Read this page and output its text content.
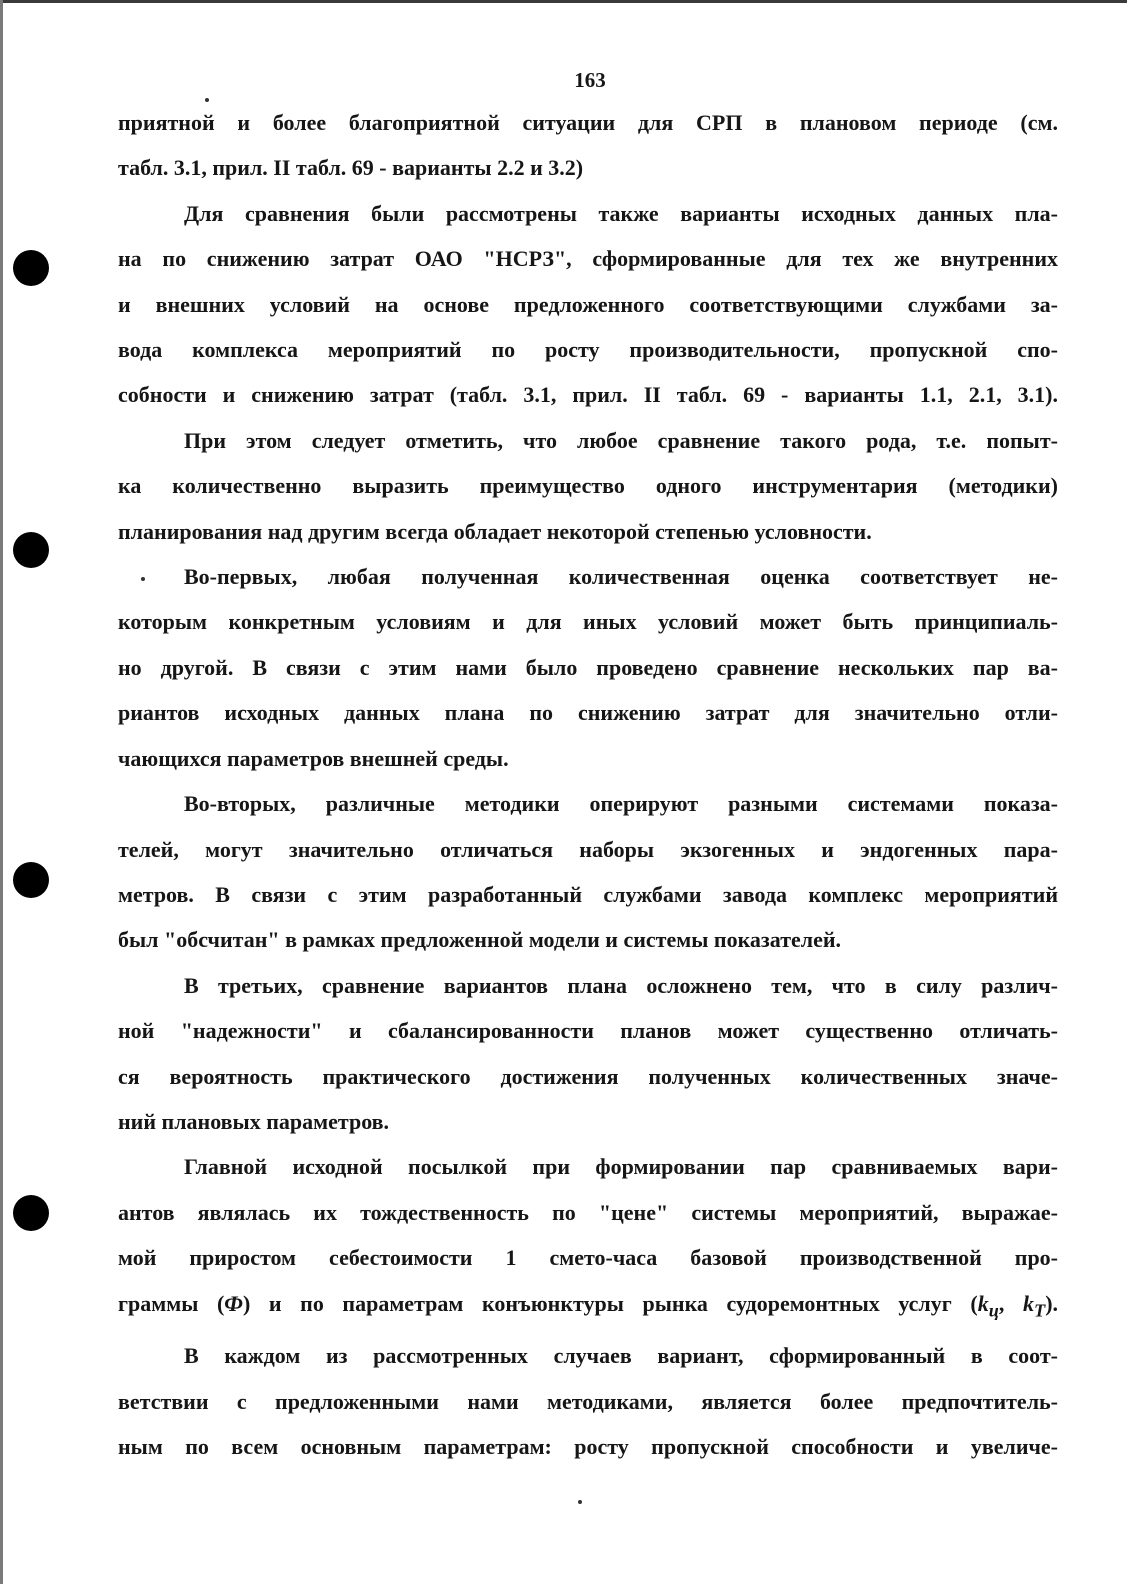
163

приятной и более благоприятной ситуации для СРП в плановом периоде (см.

табл. 3.1, прил. II табл. 69 - варианты 2.2 и 3.2)

Для сравнения были рассмотрены также варианты исходных данных пла-

на по снижению затрат ОАО "НСРЗ", сформированные для тех же внутренних

и внешних условий на основе предложенного соответствующими службами за-

вода комплекса мероприятий по росту производительности, пропускной спо-

собности и снижению затрат (табл. 3.1, прил. II табл. 69 - варианты 1.1, 2.1, 3.1).

При этом следует отметить, что любое сравнение такого рода, т.е. попыт-

ка количественно выразить преимущество одного инструментария (методики)

планирования над другим всегда обладает некоторой степенью условности.

Во-первых, любая полученная количественная оценка соответствует не-

которым конкретным условиям и для иных условий может быть принципиаль-

но другой. В связи с этим нами было проведено сравнение нескольких пар ва-

риантов исходных данных плана по снижению затрат для значительно отли-

чающихся параметров внешней среды.

Во-вторых, различные методики оперируют разными системами показа-

телей, могут значительно отличаться наборы экзогенных и эндогенных пара-

метров. В связи с этим разработанный службами завода комплекс мероприятий

был "обсчитан" в рамках предложенной модели и системы показателей.

В третьих, сравнение вариантов плана осложнено тем, что в силу различ-

ной "надежности" и сбалансированности планов может существенно отличать-

ся вероятность практического достижения полученных количественных значе-

ний плановых параметров.

Главной исходной посылкой при формировании пар сравниваемых вари-

антов являлась их тождественность по "цене" системы мероприятий, выражае-

мой приростом себестоимости 1 смето-часа базовой производственной про-

граммы (Ф) и по параметрам конъюнктуры рынка судоремонтных услуг ($k_ц$, $k_T$).

В каждом из рассмотренных случаев вариант, сформированный в соот-

ветствии с предложенными нами методиками, является более предпочтитель-

ным по всем основным параметрам: росту пропускной способности и увеличе-
